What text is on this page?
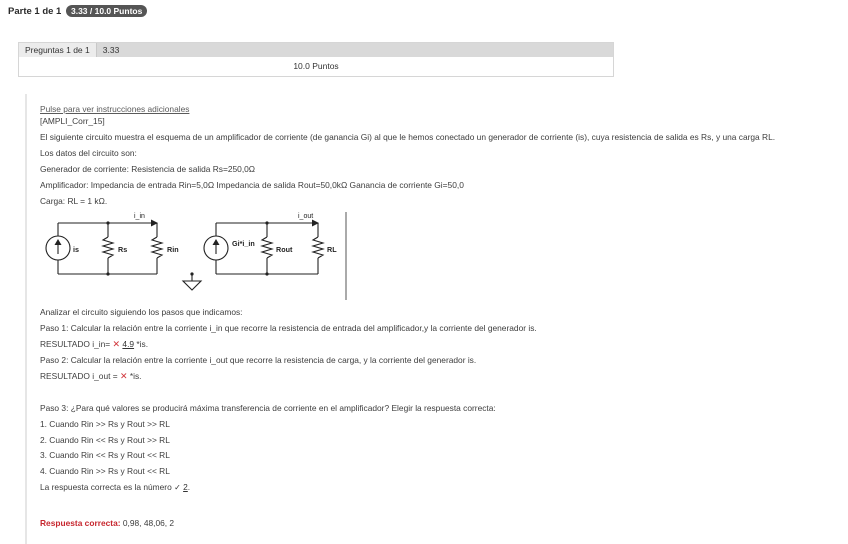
Parte 1 de 1 3.33 / 10.0 Puntos
Preguntas 1 de 1	3.33
10.0 Puntos
Pulse para ver instrucciones adicionales
[AMPLI_Corr_15]
El siguiente circuito muestra el esquema de un amplificador de corriente (de ganancia Gi) al que le hemos conectado un generador de corriente (is), cuya resistencia de salida es Rs, y una carga RL.
Los datos del circuito son:
Generador de corriente: Resistencia de salida Rs=250,0Ω
Amplificador: Impedancia de entrada Rin=5,0Ω Impedancia de salida Rout=50,0kΩ Ganancia de corriente Gi=50,0
Carga: RL = 1 kΩ.
i_in	i_out
is	Rs	Rin
Gi*i_in
Rout	RL
Analizar el circuito siguiendo los pasos que indicamos:
Paso 1: Calcular la relación entre la corriente i_in que recorre la resistencia de entrada del amplificador,y la corriente del generador is.
RESULTADO i_in= ✕ 4.9 *is.
Paso 2: Calcular la relación entre la corriente i_out que recorre la resistencia de carga, y la corriente del generador is.
RESULTADO i_out = ✕ *is.
Paso 3: ¿Para qué valores se producirá máxima transferencia de corriente en el amplificador? Elegir la respuesta correcta:
1. Cuando Rin >> Rs y Rout >> RL
2. Cuando Rin << Rs y Rout >> RL
3. Cuando Rin << Rs y Rout << RL
4. Cuando Rin >> Rs y Rout << RL
La respuesta correcta es la número ✓ 2.
Respuesta correcta: 0,98, 48,06, 2
